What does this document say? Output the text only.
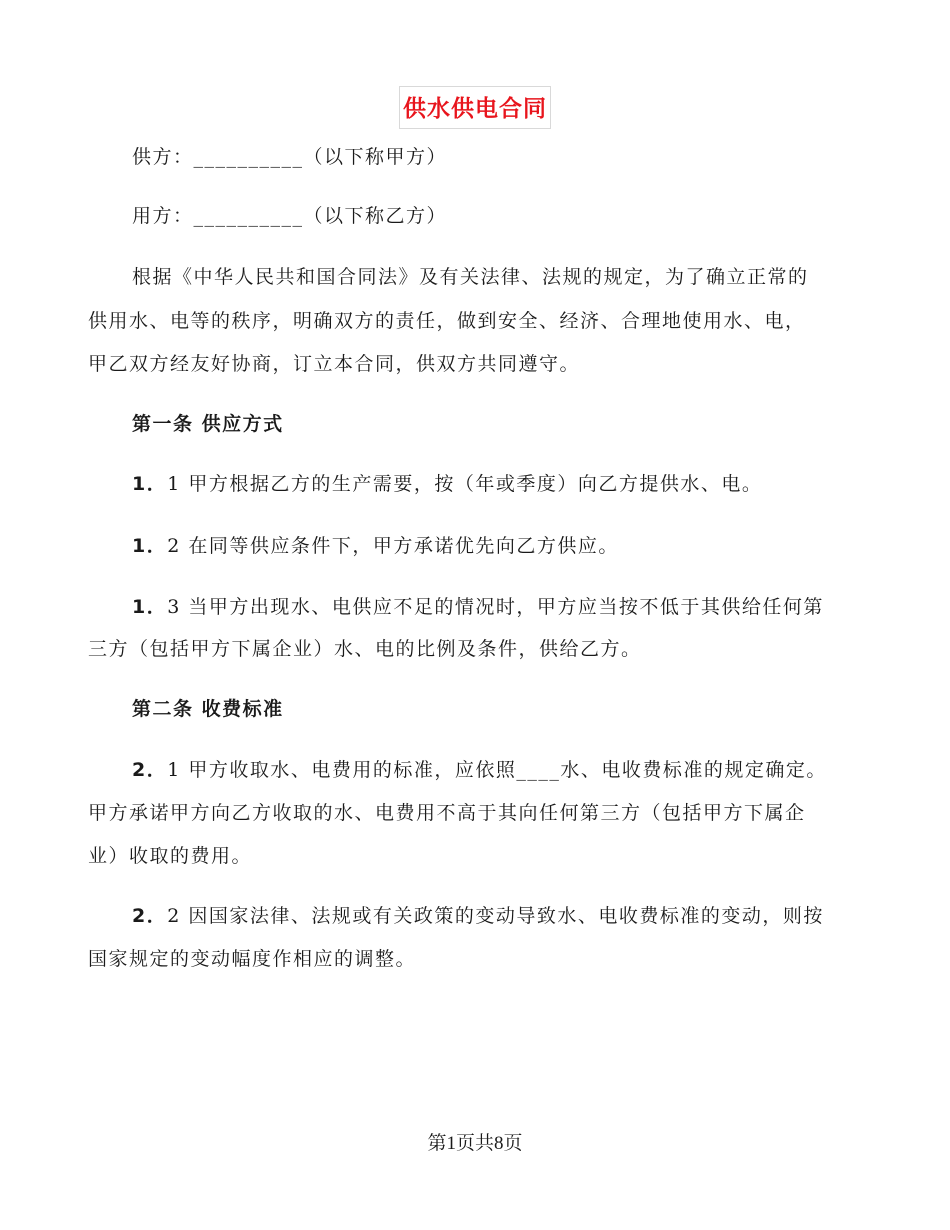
供水供电合同
供方：__________（以下称甲方）
用方：__________（以下称乙方）
根据《中华人民共和国合同法》及有关法律、法规的规定，为了确立正常的
供用水、电等的秩序，明确双方的责任，做到安全、经济、合理地使用水、电，
甲乙双方经友好协商，订立本合同，供双方共同遵守。
第一条 供应方式
1．1 甲方根据乙方的生产需要，按（年或季度）向乙方提供水、电。
1．2 在同等供应条件下，甲方承诺优先向乙方供应。
1．3 当甲方出现水、电供应不足的情况时，甲方应当按不低于其供给任何第
三方（包括甲方下属企业）水、电的比例及条件，供给乙方。
第二条 收费标准
2．1 甲方收取水、电费用的标准，应依照____水、电收费标准的规定确定。
甲方承诺甲方向乙方收取的水、电费用不高于其向任何第三方（包括甲方下属企
业）收取的费用。
2．2 因国家法律、法规或有关政策的变动导致水、电收费标准的变动，则按
国家规定的变动幅度作相应的调整。
第1页共8页
